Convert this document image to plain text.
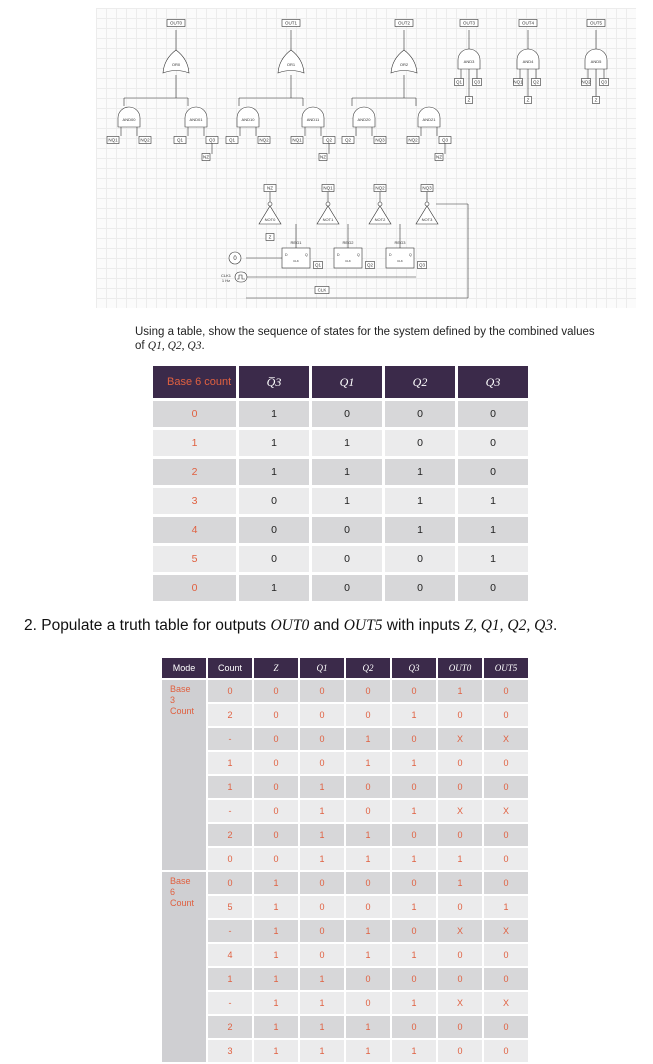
OUT0
OR0
OUT1
OR1
OUT2
OR2
OUT3
AND3
Q1	Q3
Z
OUT4
AND4
NQ1 Q2
Z
OUT5
AND5
NQ2 Q3
Z
AND00
NQ1	NQ2
AND01
Q1	Q3
NZ
AND10
Q1	NQ2
AND11
NQ1	Q2
NZ
AND20
Q2	NQ3
AND21
NQ2	Q3
NZ
NZ
NOT0
NQ1
NOT1
NQ2
NOT2
NQ3
NOT3
Z
REG1
D	Q
CLK
Q1
REG2
D	Q
CLK
Q2
REG3
D	Q
CLK
Q3
CLK
0
CLK1
1 Hz
Using a table, show the sequence of states for the system defined by the combined values of Q1, Q2, Q3.
Base 6 count	Q̅3	Q1	Q2	Q3
0	1	0	0	0
1	1	1	0	0
2	1	1	1	0
3	0	1	1	1
4	0	0	1	1
5	0	0	0	1
0	1	0	0	0
2. Populate a truth table for outputs OUT0 and OUT5 with inputs Z, Q1, Q2, Q3.
Mode	Count	Z	Q1	Q2	Q3	OUT0	OUT5
Base 3 Count	0	0	0	0	0	1	0
	2	0	0	0	1	0	0
	-	0	0	1	0	X	X
	1	0	0	1	1	0	0
	1	0	1	0	0	0	0
	-	0	1	0	1	X	X
	2	0	1	1	0	0	0
	0	0	1	1	1	1	0
Base 6 Count	0	1	0	0	0	1	0
	5	1	0	0	1	0	1
	-	1	0	1	0	X	X
	4	1	0	1	1	0	0
	1	1	1	0	0	0	0
	-	1	1	0	1	X	X
	2	1	1	1	0	0	0
	3	1	1	1	1	0	0
